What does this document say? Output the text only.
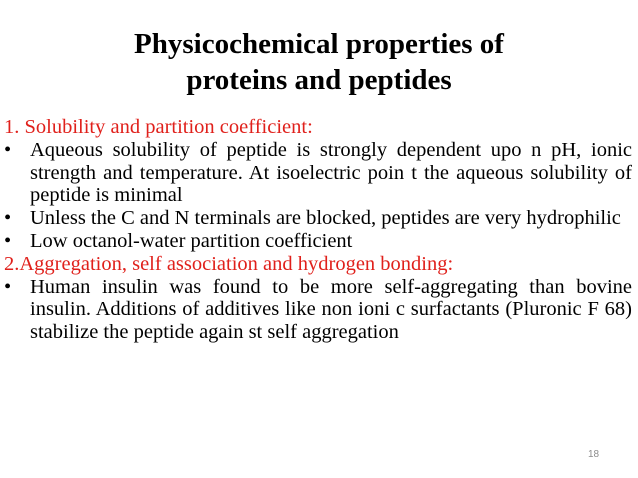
Physicochemical properties of
proteins and peptides
1. Solubility and partition coefficient:
• Aqueous solubility of peptide is strongly dependent upo n pH, ionic strength and temperature. At isoelectric poin t the aqueous solubility of peptide is minimal
• Unless the C and N terminals are blocked, peptides are very hydrophilic
• Low octanol-water partition coefficient
2.Aggregation, self association and hydrogen bonding:
• Human insulin was found to be more self-aggregating than bovine insulin. Additions of additives like non ioni c surfactants (Pluronic F 68) stabilize the peptide again st self aggregation
18
